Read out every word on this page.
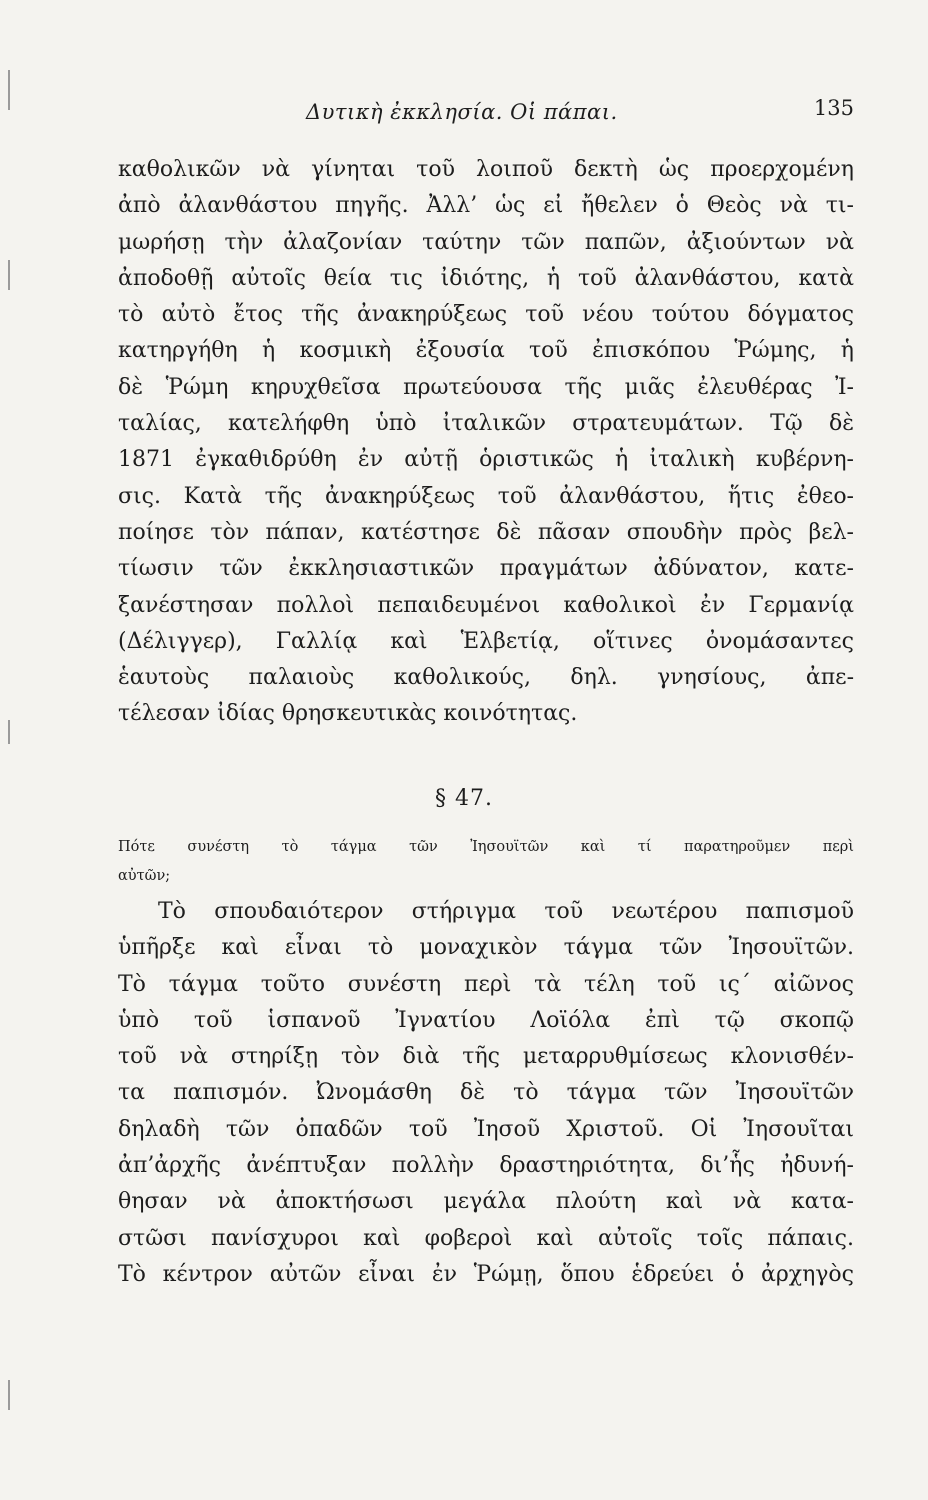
Δυτικὴ ἐκκλησία. Οἱ πάπαι.	135
καθολικῶν νὰ γίνηται τοῦ λοιποῦ δεκτὴ ὡς προερχομένη
ἀπὸ ἀλανθάστου πηγῆς. Ἀλλ’ ὡς εἰ ἤθελεν ὁ Θεὸς νὰ τι-
μωρήσῃ τὴν ἀλαζονίαν ταύτην τῶν παπῶν, ἀξιούντων νὰ
ἀποδοθῇ αὐτοῖς θεία τις ἰδιότης, ἡ τοῦ ἀλανθάστου, κατὰ
τὸ αὐτὸ ἔτος τῆς ἀνακηρύξεως τοῦ νέου τούτου δόγματος
κατηργήθη ἡ κοσμικὴ ἐξουσία τοῦ ἐπισκόπου Ῥώμης, ἡ
δὲ Ῥώμη κηρυχθεῖσα πρωτεύουσα τῆς μιᾶς ἐλευθέρας Ἰ-
ταλίας, κατελήφθη ὑπὸ ἰταλικῶν στρατευμάτων. Τῷ δὲ
1871 ἐγκαθιδρύθη ἐν αὐτῇ ὁριστικῶς ἡ ἰταλικὴ κυβέρνη-
σις. Κατὰ τῆς ἀνακηρύξεως τοῦ ἀλανθάστου, ἥτις ἐθεο-
ποίησε τὸν πάπαν, κατέστησε δὲ πᾶσαν σπουδὴν πρὸς βελ-
τίωσιν τῶν ἐκκλησιαστικῶν πραγμάτων ἀδύνατον, κατε-
ξανέστησαν πολλοὶ πεπαιδευμένοι καθολικοὶ ἐν Γερμανίᾳ
(Δέλιγγερ), Γαλλίᾳ καὶ Ἑλβετίᾳ, οἵτινες ὀνομάσαντες
ἑαυτοὺς παλαιοὺς καθολικούς, δηλ. γνησίους, ἀπε-
τέλεσαν ἰδίας θρησκευτικὰς κοινότητας.
§ 47.
Πότε συνέστη τὸ τάγμα τῶν Ἰησουϊτῶν καὶ τί παρατηροῦμεν περὶ
αὐτῶν;
Τὸ σπουδαιότερον στήριγμα τοῦ νεωτέρου παπισμοῦ
ὑπῆρξε καὶ εἶναι τὸ μοναχικὸν τάγμα τῶν Ἰησουϊτῶν.
Τὸ τάγμα τοῦτο συνέστη περὶ τὰ τέλη τοῦ ις´ αἰῶνος
ὑπὸ τοῦ ἱσπανοῦ Ἰγνατίου Λοϊόλα ἐπὶ τῷ σκοπῷ
τοῦ νὰ στηρίξῃ τὸν διὰ τῆς μεταρρυθμίσεως κλονισθέν-
τα παπισμόν. Ὠνομάσθη δὲ τὸ τάγμα τῶν Ἰησουϊτῶν
δηλαδὴ τῶν ὀπαδῶν τοῦ Ἰησοῦ Χριστοῦ. Οἱ Ἰησουῖται
ἀπ’ἀρχῆς ἀνέπτυξαν πολλὴν δραστηριότητα, δι’ἧς ἠδυνή-
θησαν νὰ ἀποκτήσωσι μεγάλα πλούτη καὶ νὰ κατα-
στῶσι πανίσχυροι καὶ φοβεροὶ καὶ αὐτοῖς τοῖς πάπαις.
Τὸ κέντρον αὐτῶν εἶναι ἐν Ῥώμῃ, ὅπου ἑδρεύει ὁ ἀρχηγὸς
